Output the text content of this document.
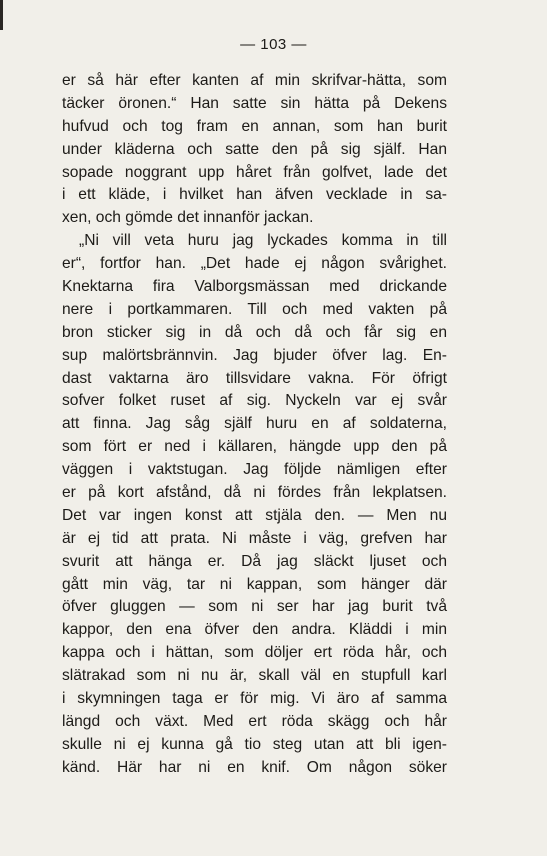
— 103 —
er så här efter kanten af min skrifvar-hätta, som
täcker öronen.“ Han satte sin hätta på Dekens
hufvud och tog fram en annan, som han burit
under kläderna och satte den på sig själf. Han
sopade noggrant upp håret från golfvet, lade det
i ett kläde, i hvilket han äfven vecklade in sa-
xen, och gömde det innanför jackan.
„Ni vill veta huru jag lyckades komma in till
er“, fortfor han. „Det hade ej någon svårighet.
Knektarna fira Valborgsmässan med drickande
nere i portkammaren. Till och med vakten på
bron sticker sig in då och då och får sig en
sup malörtsbrännvin. Jag bjuder öfver lag. En-
dast vaktarna äro tillsvidare vakna. För öfrigt
sofver folket ruset af sig. Nyckeln var ej svår
att finna. Jag såg själf huru en af soldaterna,
som fört er ned i källaren, hängde upp den på
väggen i vaktstugan. Jag följde nämligen efter
er på kort afstånd, då ni fördes från lekplatsen.
Det var ingen konst att stjäla den. — Men nu
är ej tid att prata. Ni måste i väg, grefven har
svurit att hänga er. Då jag släckt ljuset och
gått min väg, tar ni kappan, som hänger där
öfver gluggen — som ni ser har jag burit två
kappor, den ena öfver den andra. Kläddi i min
kappa och i hättan, som döljer ert röda hår, och
slätrakad som ni nu är, skall väl en stupfull karl
i skymningen taga er för mig. Vi äro af samma
längd och växt. Med ert röda skägg och hår
skulle ni ej kunna gå tio steg utan att bli igen-
känd. Här har ni en knif. Om någon söker
